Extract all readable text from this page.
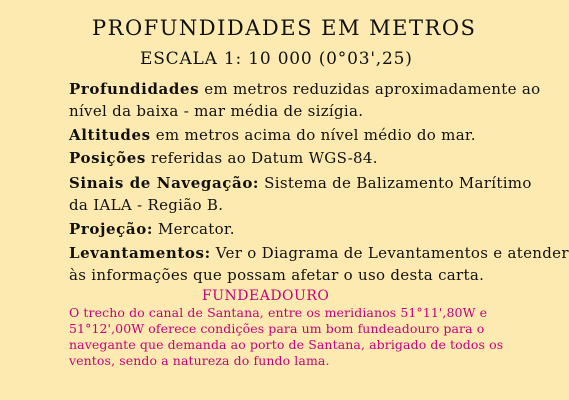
PROFUNDIDADES EM METROS
ESCALA 1: 10 000 (0°03',25)
Profundidades em metros reduzidas aproximadamente ao
nível da baixa - mar média de sizígia.
Altitudes em metros acima do nível médio do mar.
Posições referidas ao Datum WGS-84.
Sinais de Navegação: Sistema de Balizamento Marítimo
da IALA - Região B.
Projeção: Mercator.
Levantamentos: Ver o Diagrama de Levantamentos e atender
às informações que possam afetar o uso desta carta.
FUNDEADOURO
O trecho do canal de Santana, entre os meridianos 51°11',80W e
51°12',00W oferece condições para um bom fundeadouro para o
navegante que demanda ao porto de Santana, abrigado de todos os
ventos, sendo a natureza do fundo lama.
